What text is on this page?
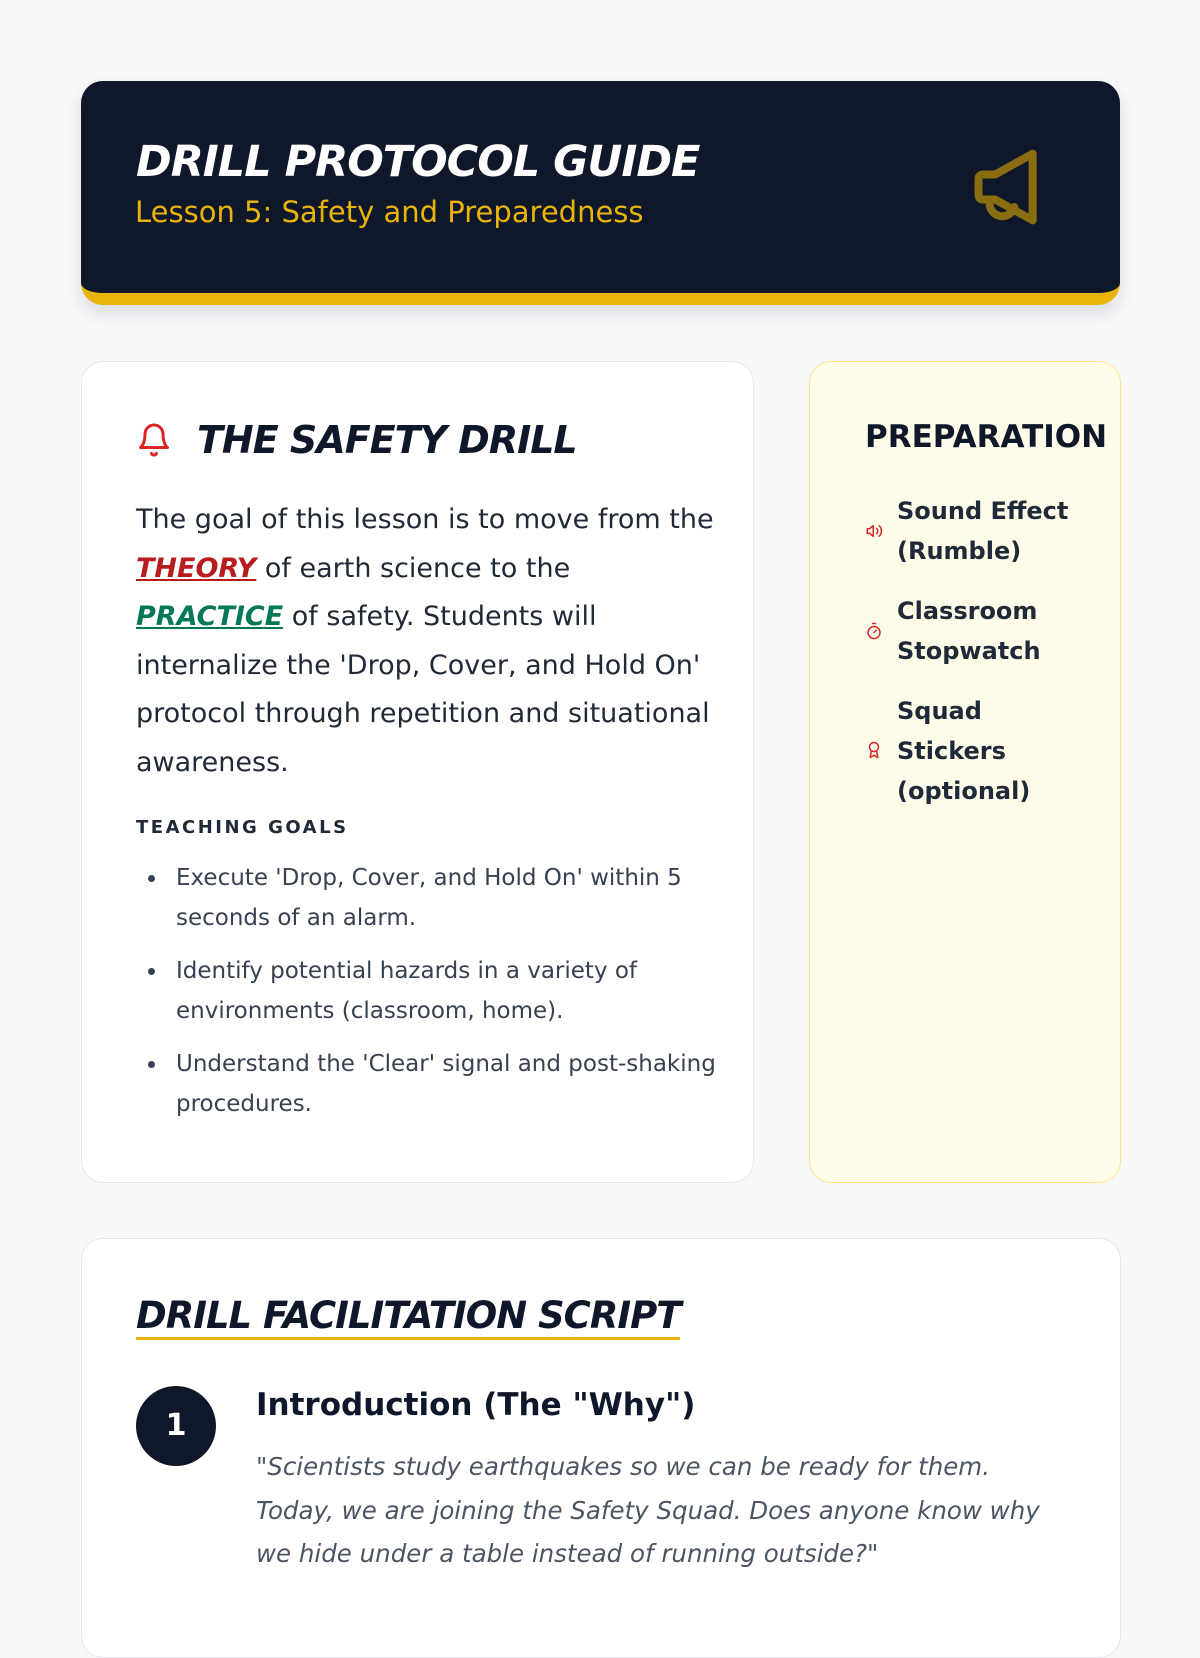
DRILL PROTOCOL GUIDE
Lesson 5: Safety and Preparedness
THE SAFETY DRILL
The goal of this lesson is to move from the THEORY of earth science to the PRACTICE of safety. Students will internalize the 'Drop, Cover, and Hold On' protocol through repetition and situational awareness.
TEACHING GOALS
Execute 'Drop, Cover, and Hold On' within 5 seconds of an alarm.
Identify potential hazards in a variety of environments (classroom, home).
Understand the 'Clear' signal and post-shaking procedures.
PREPARATION
Sound Effect (Rumble)
Classroom Stopwatch
Squad Stickers (optional)
DRILL FACILITATION SCRIPT
1
Introduction (The "Why")
"Scientists study earthquakes so we can be ready for them. Today, we are joining the Safety Squad. Does anyone know why we hide under a table instead of running outside?"
